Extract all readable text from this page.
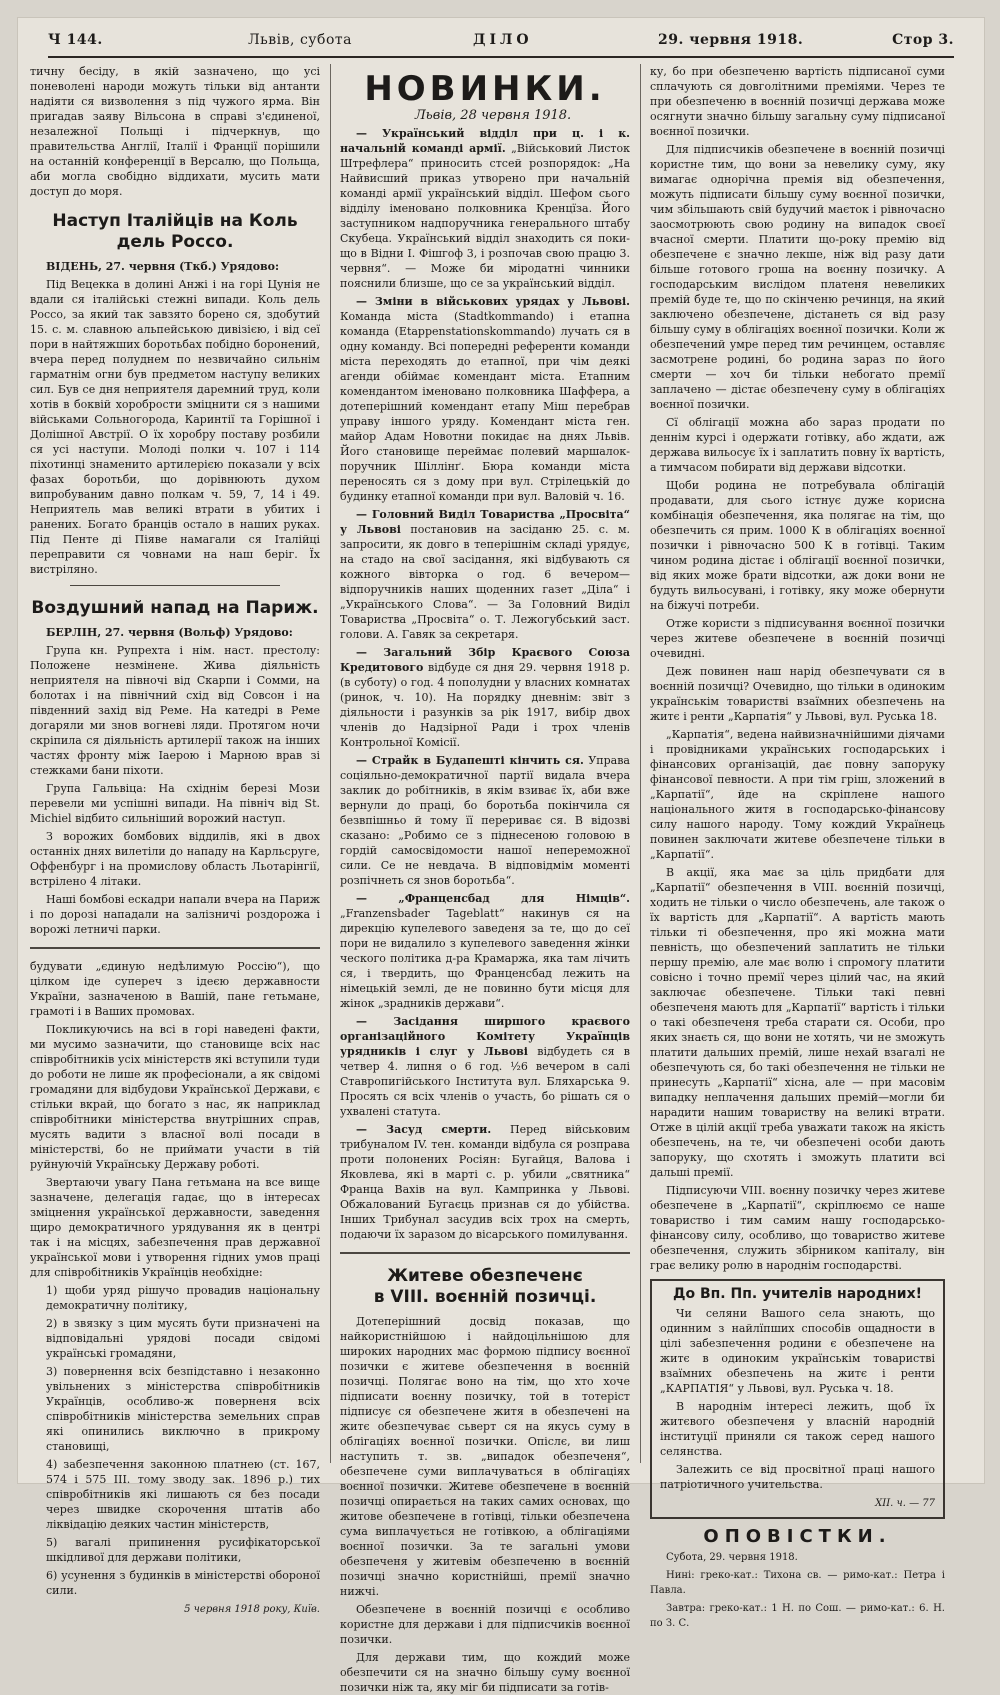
Ч 144.	Львів, субота	ДІЛО	29. червня 1918.	Стор 3.

тичну бесіду, в якій зазначено, що усі поневолені народи можуть тільки від антанти надіяти ся визволення з під чужого ярма. Він пригадав заяву Вільсона в справі з'єдиненої, незалежної Польщі і підчеркнув, що правительства Англії, Італії і Франції порішили на останній конференції в Версалю, що Польща, аби могла свобідно віддихати, мусить мати доступ до моря.

Наступ Італійців на Коль дель Россо.

ВІДЕНЬ, 27. червня (Ткб.) Урядово:

Під Вецекка в долині Анжі і на горі Цунія не вдали ся італійські стежні випади. Коль дель Россо, за який так завзято борено ся, здобутий 15. с. м. славною альпейською дивізією, і від сеї пори в найтяжших боротьбах побідно боронений, вчера перед полуднем по незвичайно сильнім гарматнім огни був предметом наступу великих сил. Був се дня неприятеля даремний труд, коли хотів в боквій хоробрости зміцнити ся з нашими військами Сольногорода, Каринтії та Горішної і Долішної Австрії. О їх хоробру поставу розбили ся усі наступи. Молоді полки ч. 107 і 114 піхотинці знаменито артилерією показали у всіх фазах боротьби, що дорівнюють духом випробуваним давно полкам ч. 59, 7, 14 і 49. Неприятель мав великі втрати в убитих і ранених. Богато бранців остало в наших руках. Під Пенте ді Піяве намагали ся Італійці переправити ся човнами на наш беріг. Їх вистріляно.

Воздушний напад на Париж.

БЕРЛІН, 27. червня (Вольф) Урядово:

Група кн. Рупрехта і нім. наст. престолу: Положене незмінене. Жива діяльність неприятеля на півночі від Скарпи і Сомми, на болотах і на північний схід від Совсон і на південний захід від Реме. На катедрі в Реме догаряли ми знов вогневі ляди. Протягом ночи скріпила ся діяльність артилерії також на інших частях фронту між Іаерою і Марною врав зі стежками бани піхоти.

Група Гальвіца: На східнім березі Мози перевели ми успішні випади. На північ від St. Michiel відбито сильніший ворожий наступ.

З ворожих бомбових віддилів, які в двох останніх днях вилетіли до нападу на Карльсруге, Оффенбург і на промислову область Льотарінгії, встрілено 4 літаки.

Наші бомбові ескадри напали вчера на Париж і по дорозі нападали на залізничі роздорожа і ворожі летничі парки.

будувати „єдиную недѣлимую Россію“), що цілком іде супереч з ідеєю державности України, зазначеною в Вашій, пане гетьмане, грамоті і в Ваших промовах.

Покликуючись на всі в горі наведені факти, ми мусимо зазначити, що становище всіх нас співробітників усіх міністерств які вступили туди до роботи не лише як професіонали, а як свідомі громадяни для відбудови Української Держави, є стільки вкрай, що богато з нас, як наприклад співробітники міністерства внутрішних справ, мусять вадити з власної волі посади в міністерстві, бо не приймати участи в тій руйнуючій Українську Державу роботі.

Звертаючи увагу Пана гетьмана на все вище зазначене, делегація гадає, що в інтересах зміцнення української державности, заведення щиро демократичного урядування як в центрі так і на місцях, забезпечення прав державної української мови і утворення гідних умов праці для співробітників Українців необхідне:

1) щоби уряд рішучо провадив національну демократичну політику,
2) в звязку з цим мусять бути призначені на відповідальні урядові посади свідомі українські громадяни,
3) повернення всіх безпідставно і незаконно увільнених з міністерства співробітників Українців, особливо-ж поверненя всіх співробітників міністерства земельних справ які опинились виключно в прикрому становищі,
4) забезпечення законною платнею (ст. 167, 574 і 575 ІІІ. тому зводу зак. 1896 р.) тих співробітників які лишають ся без посади через швидке скорочення штатів або ліквідацію деяких частин міністерств,
5) вагалі припинення русифікаторської шкідливої для держави політики,
6) усунення з будинків в міністерстві обороної сили.
5 червня 1918 року, Київ.
НОВИНКИ.

Львів, 28 червня 1918.

— Український відділ при ц. і к. начальній команді армії. „Військовий Листок Штрефлера“ приносить стсей розпорядок: „На Найвисший приказ утворено при начальній команді армії український відділ. Шефом сього відділу іменовано полковника Кренцїза. Його заступником надпоручника генерального штабу Скубеца. Український відділ знаходить ся поки-що в Відни І. Фішгоф 3, і розпочав свою працю 3. червня“. — Може би міродатні чинники пояснили близше, що се за український відділ.

— Зміни в військових урядах у Львові. Команда міста (Stadtkommando) і етапна команда (Etappenstationskommando) лучать ся в одну команду. Всі попередні референти команди міста переходять до етапної, при чім деякі агенди обіймає комендант міста. Етапним комендантом іменовано полковника Шаффера, а дотеперішний комендант етапу Міш перебрав управу іншого уряду. Комендант міста ген. майор Адам Новотни покидає на днях Львів. Його становище переймає полевий маршалок-поручник Шіллінґ. Бюра команди міста переносять ся з дому при вул. Стрілецькій до будинку етапної команди при вул. Валовій ч. 16.

— Головний Виділ Товариства „Просвіта“ у Львові постановив на засіданю 25. с. м. запросити, як довго в теперішнім складі урядує, на стадо на свої засідання, які відбувають ся кожного вівторка о год. 6 вечером—відпоручників наших щоденних газет „Діла“ і „Українського Слова“. — За Головний Виділ Товариства „Просвіта“ о. Т. Лежогубський заст. голови. А. Гавяк за секретаря.

— Загальний Збір Краєвого Союза Кредитового відбуде ся дня 29. червня 1918 р. (в суботу) о год. 4 пополудни у власних комнатах (ринок, ч. 10). На порядку дневнім: звіт з діяльности і разунків за рік 1917, вибір двох членів до Надзірної Ради і трох членів Контрольної Комісії.

— Страйк в Будапешті кінчить ся. Управа соціяльно-демократичної партії видала вчера заклик до робітників, в якім взиває їх, аби вже вернули до праці, бо боротьба покінчила ся безвпішньо й тому її перериває ся. В відозві сказано: „Робимо се з піднесеною головою в гордій самосвідомости нашої непереможної сили. Се не невдача. В відповідмім моменті розпічнеть ся знов боротьба“.

— „Франценсбад для Німців“. „Franzensbader Tageblatt“ накинув ся на дирекцію купелевого заведеня за те, що до сеї пори не видалило з купелевого заведення жінки ческого політика д-ра Крамаржа, яка там лічить ся, і твердить, що Франценсбад лежить на німецькій землі, де не повинно бути місця для жінок „зрадників держави“.

— Засідання ширшого краєвого організаційного Комітету Українців урядників і слуг у Львові відбудеть ся в четвер 4. липня о 6 год. ½6 вечером в салі Ставропигійського Інститута вул. Бляхарська 9. Просять ся всіх членів о участь, бо рішать ся о ухвалені статута.

— Засуд смерти. Перед військовим трибуналом IV. тен. команди відбула ся розправа проти полонених Росіян: Бугайця, Валова і Яковлева, які в марті с. р. убили „святника“ Франца Вахів на вул. Кампринка у Львові. Обжалований Бугаєць признав ся до убійства. Інших Трибунал засудив всіх трох на смерть, подаючи їх заразом до вісарського помилування.

Житеве обезпеченє
в VIII. воєнній позичці.

Дотеперішний досвід показав, що найкористнійшою і найдоцільнішою для широких народних мас формою підпису воєнної позички є житеве обезпечення в воєнній позичці. Полягає воно на тім, що хто хоче підписати воєнну позичку, той в тотеріст підписує ся обезпечене житя в обезпечені на житє обезпечуває сьверт ся на якусь суму в облігаціях воєнної позички. Опіслє, ви лиш наступить т. зв. „випадок обезпеченя“, обезпечене суми виплачуваться в облігаціях воєнної позички. Житеве обезпечене в воєнній позичці опирається на таких самих основах, що житове обезпечене в готівці, тільки обезпечена сума виплачується не готівкою, а облігаціями воєнної позички. За те загальні умови обезпеченя у житевім обезпеченю в воєнній позичці значно користнійші, премії значно нижчі.

Обезпечене в воєнній позичці є особливо користне для держави і для підписчиків воєнної позички.

Для держави тим, що кождий може обезпечити ся на значно більшу суму воєнної позички ніж та, яку міг би підписати за готів-

ку, бо при обезпеченю вартість підписаної суми сплачують ся довголітними преміями. Через те при обезпеченю в воєнній позичці держава може осягнути значно більшу загальну суму підписаної воєнної позички.

Для підписчиків обезпечене в воєнній позичці користне тим, що вони за невелику суму, яку вимагає однорічна премія від обезпечення, можуть підписати більшу суму воєнної позички, чим збільшають свій будучий маєток і рівночасно заосмотрюють свою родину на випадок своєї вчасної смерти. Платити що-року премію від обезпечене є значно лекше, ніж від разу дати більше готового гроша на воєнну позичку. А господарським вислідом платеня невеликих премій буде те, що по скінченю речинця, на який заключено обезпечене, дістанеть ся від разу більшу суму в облігаціях воєнної позички. Коли ж обезпечений умре перед тим речинцем, оставляє засмотрене родині, бо родина зараз по його смерти — хоч би тільки небогато премії заплачено — дістає обезпечену суму в облігаціях воєнної позички.

Сї облігації можна або зараз продати по деннім курсі і одержати готівку, або ждати, аж держава вильосує їх і заплатить повну їх вартість, а тимчасом побирати від держави відсотки.

Щоби родина не потребувала облігацій продавати, для сього істнує дуже корисна комбінація обезпечення, яка полягає на тім, що обезпечить ся прим. 1000 К в облігаціях воєнної позички і рівночасно 500 К в готівці. Таким чином родина дістає і облігації воєнної позички, від яких може брати відсотки, аж доки вони не будуть вильосувані, і готівку, яку може обернути на біжучі потреби.

Отже користи з підписування воєнної позички через житеве обезпечене в воєнній позичці очевидні.

Деж повинен наш нарід обезпечувати ся в воєнній позичці? Очевидно, що тільки в одиноким українськім товаристві взаїмних обезпечень на житє і ренти „Карпатія“ у Львові, вул. Руська 18.

„Карпатія“, ведена найвизначнійшими діячами і провідниками українських господарських і фінансових організацій, дає повну запоруку фінансової певности. А при тім гріш, зложений в „Карпатії“, йде на скріплене нашого національного житя в господарсько-фінансову силу нашого народу. Тому кождий Українець повинен заключати житеве обезпечене тільки в „Карпатії“.

В акції, яка має за ціль придбати для „Карпатії“ обезпечення в VIII. воєнній позичці, ходить не тільки о число обезпечень, але також о їх вартість для „Карпатії“. А вартість мають тільки ті обезпечення, про які можна мати певність, що обезпечений заплатить не тільки першу премію, але має волю і спромогу платити совісно і точно премії через цілий час, на який заключає обезпечене. Тільки такі певні обезпеченя мають для „Карпатії“ вартість і тільки о такі обезпеченя треба старати ся. Особи, про яких знаєть ся, що вони не хотять, чи не зможуть платити дальших премій, лише нехай взагалі не обезпечують ся, бо такі обезпечення не тільки не принесуть „Карпатії“ хісна, але — при масовім випадку неплачення дальших премій—могли би нарадити нашим товариству на великі втрати. Отже в цілій акції треба уважати також на якість обезпечень, на те, чи обезпечені особи дають запоруку, що схотять і зможуть платити всі дальші премії.

Підписуючи VIII. воєнну позичку через житеве обезпечене в „Карпатії“, скріплюємо се наше товариство і тим самим нашу господарсько-фінансову силу, особливо, що товариство житеве обезпечення, служить збірником капіталу, він грає велику ролю в народнім господарстві.

До Вп. Пп. учителів народних!

Чи селяни Вашого села знають, що одинним з найлїпших способів ощадности в цілі забезпечення родини є обезпечене на житє в одиноким українськім товаристві взаїмних обезпечень на житє і ренти „КАРПАТІЯ“ у Львові, вул. Руська ч. 18.

В народнім інтересі лежить, щоб їх житєвого обезпеченя у власній народній інституції приняли ся також серед нашого селянства.

Залежить се від просвітної праці нашого патріотичного учительства.

XII. ч. — 77
ОПОВІСТКИ.

Субота, 29. червня 1918.

Нині: греко-кат.: Тихона св. — римо-кат.: Петра і Павла.

Завтра: греко-кат.: 1 Н. по Сош. — римо-кат.: 6. Н. по З. С.
